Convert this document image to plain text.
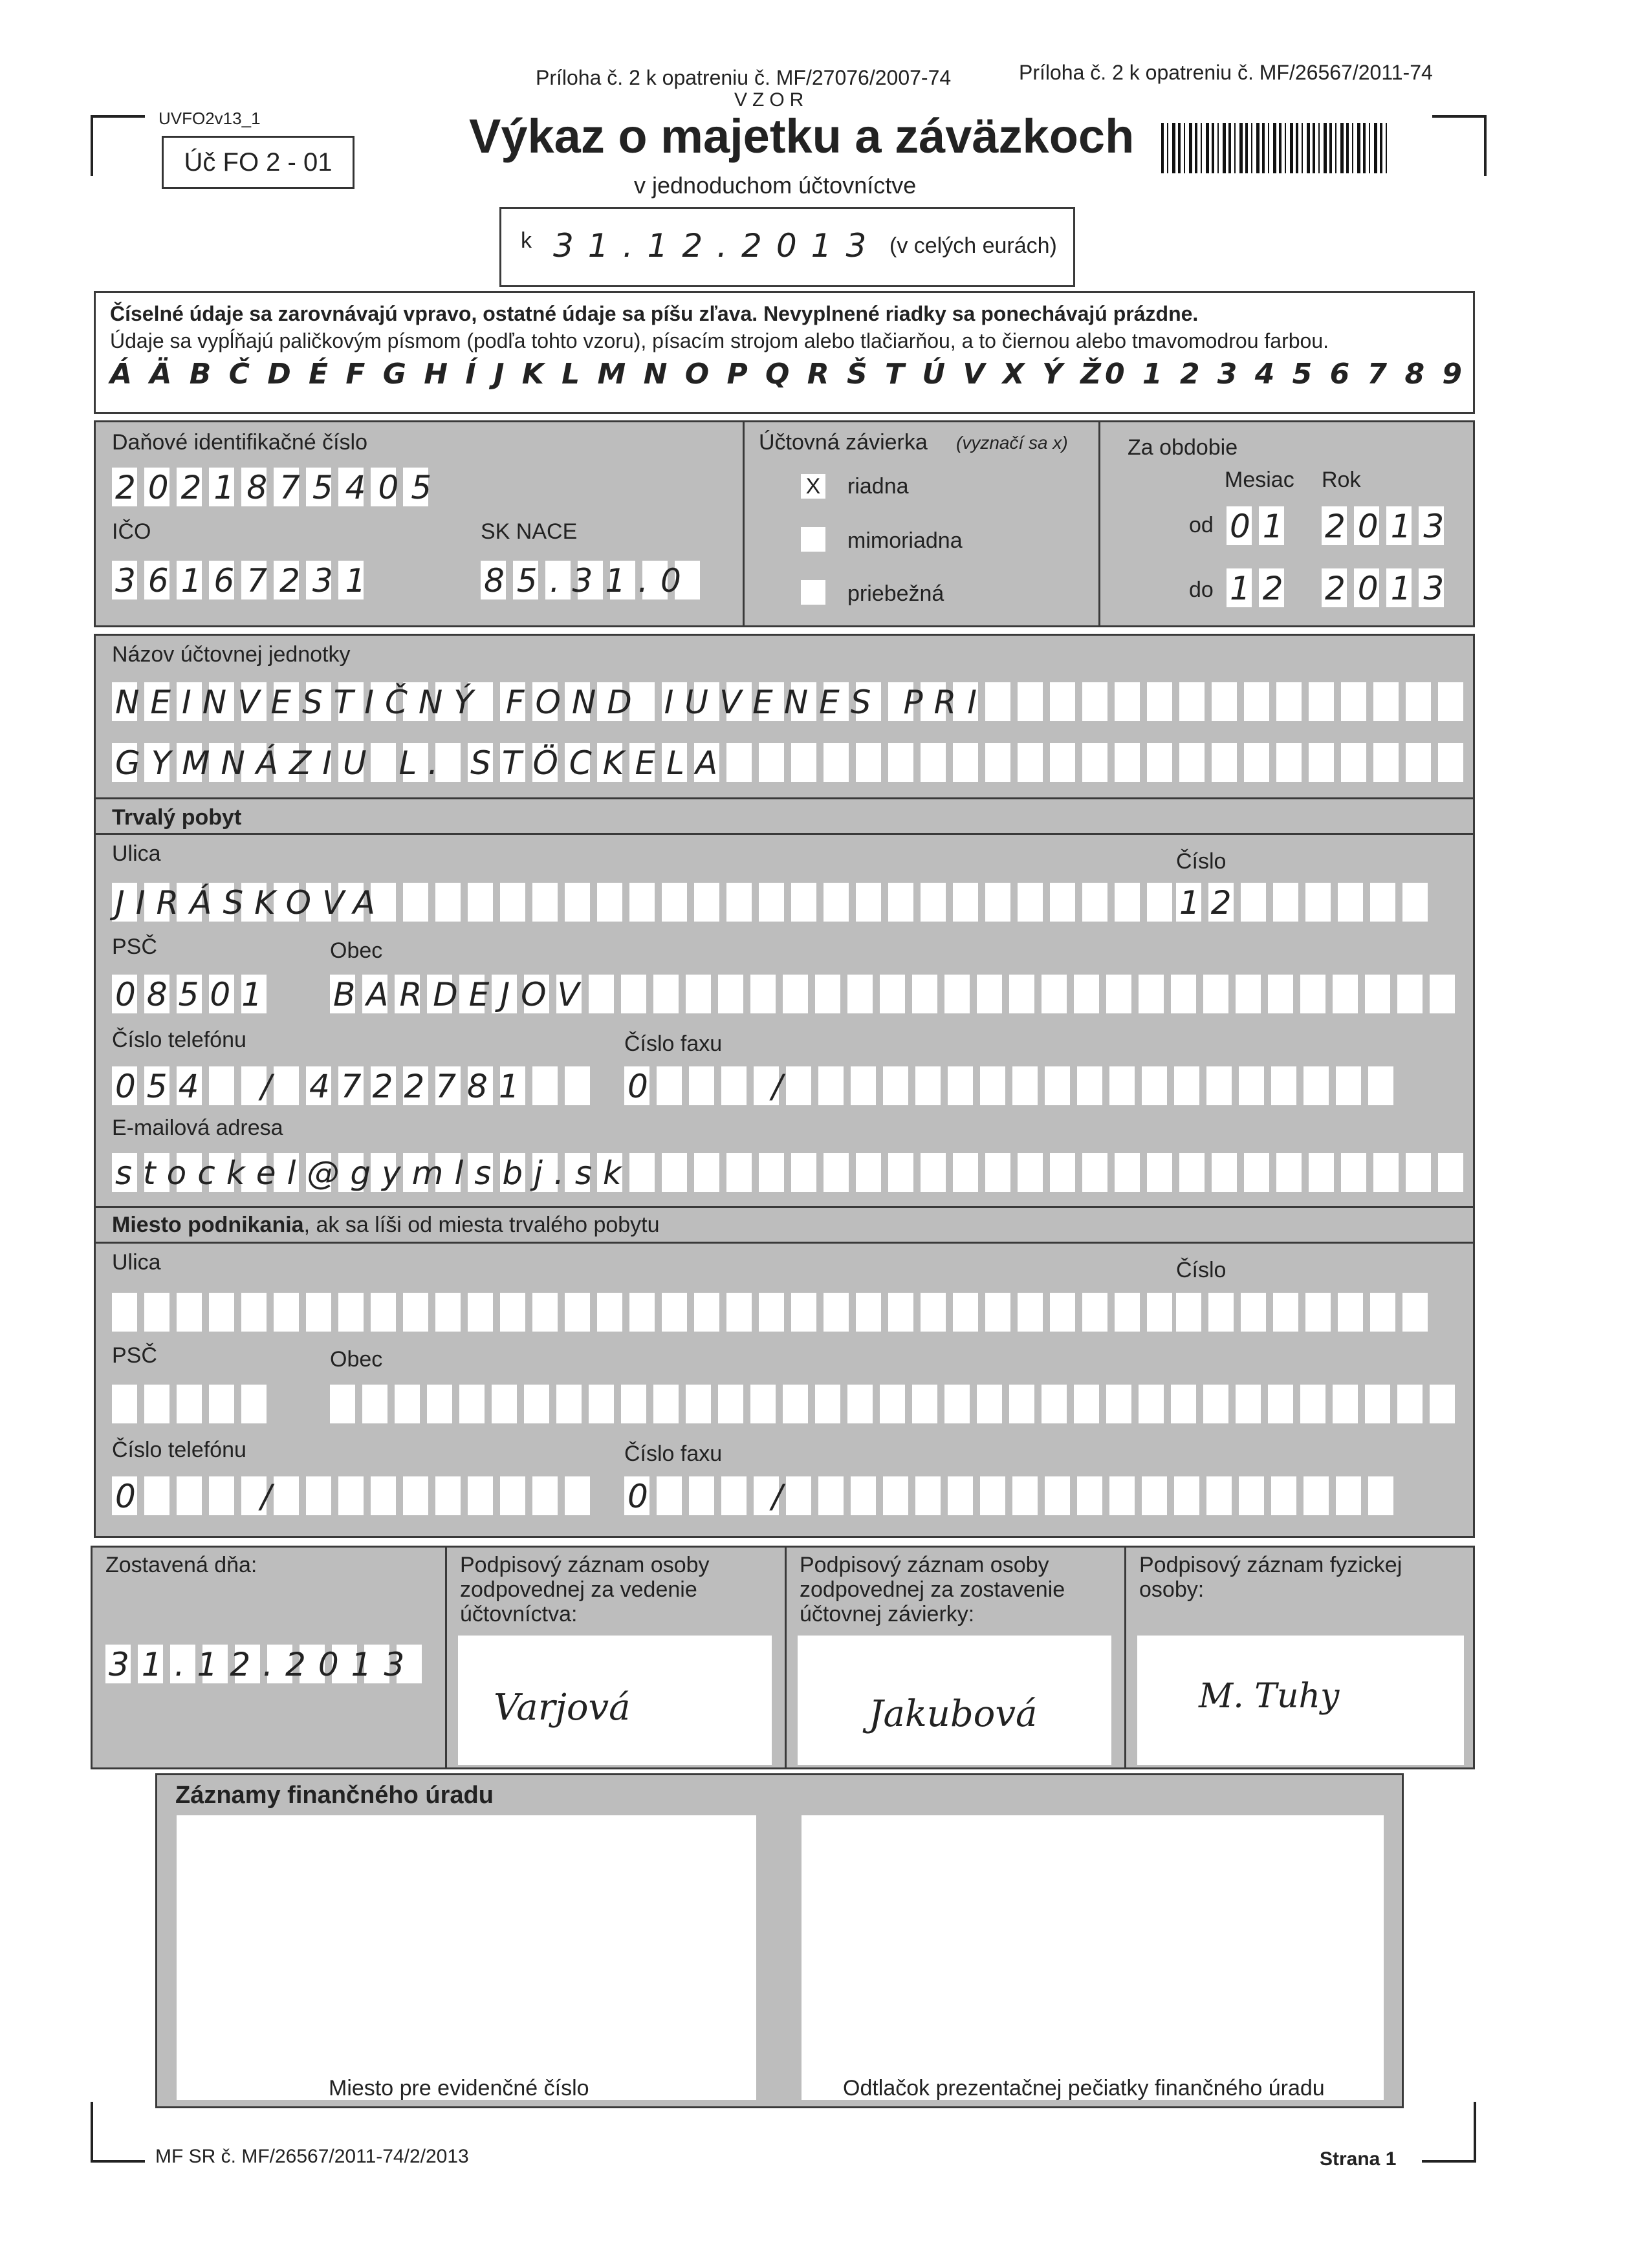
UVFO2v13_1
Úč FO 2 - 01
Príloha č. 2 k opatreniu č. MF/27076/2007-74	Príloha č. 2 k opatreniu č. MF/26567/2011-74
VZOR
Výkaz o majetku a záväzkoch
v jednoduchom účtovníctve
k 31.12.2013 (v celých eurách)
Číselné údaje sa zarovnávajú vpravo, ostatné údaje sa píšu zľava. Nevyplnené riadky sa ponechávajú prázdne.
Údaje sa vypĺňajú paličkovým písmom (podľa tohto vzoru), písacím strojom alebo tlačiarňou, a to čiernou alebo tmavomodrou farbou.
Á Ä B Č D É F G H Í J K L M N O P Q R Š T Ú V X Ý Ž 0 1 2 3 4 5 6 7 8 9
Daňové identifikačné číslo
2021875405
IČO
36167231
SK NACE
85.31.0
Účtovná závierka (vyznačí sa x)
X riadna
mimoriadna
priebežná
Za obdobie
Mesiac Rok
od 01 2013
do 12 2013
Názov účtovnej jednotky
NEINVESTIČNÝ FOND IUVENES PRI
GYMNÁZIU L. STÖCKELA
Trvalý pobyt
Ulica	Číslo
JIRÁSKOVA	12
PSČ	Obec
08501 BARDEJOV
Číslo telefónu	Číslo faxu
054 / 4722781	0	/
E-mailová adresa
stockel@gymlsbj.sk
Miesto podnikania, ak sa líši od miesta trvalého pobytu
Ulica	Číslo
PSČ	Obec
Číslo telefónu	Číslo faxu
0	/	0	/
Zostavená dňa:
31.12.2013
Podpisový záznam osoby zodpovednej za vedenie účtovníctva:
Varjová
Podpisový záznam osoby zodpovednej za zostavenie účtovnej závierky:
Jakubová
Podpisový záznam fyzickej osoby:
M. Tuhy
Záznamy finančného úradu
Miesto pre evidenčné číslo	Odtlačok prezentačnej pečiatky finančného úradu
MF SR č. MF/26567/2011-74/2/2013	Strana 1
